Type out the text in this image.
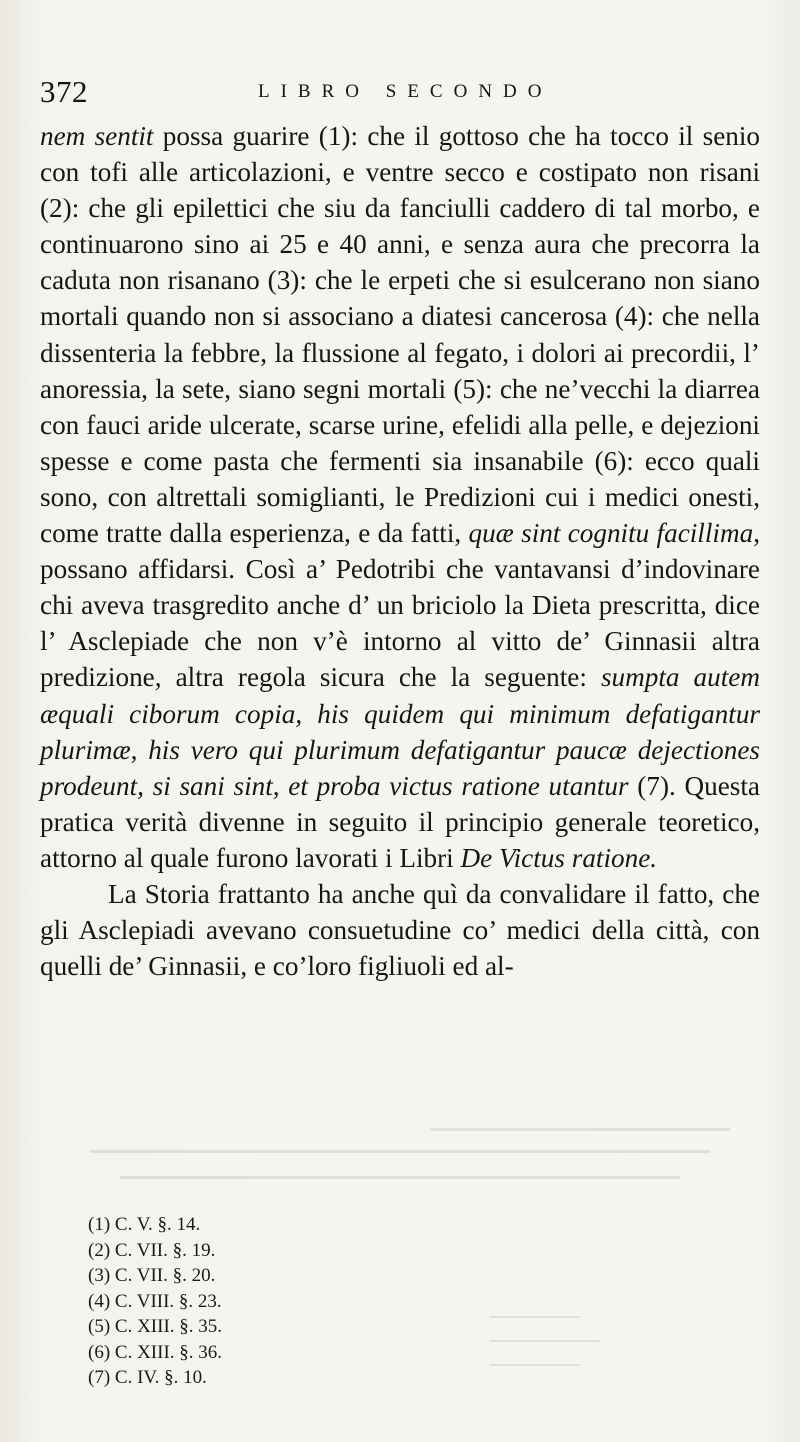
372	LIBRO SECONDO

nem sentit possa guarire (1): che il gottoso che ha tocco il senio con tofi alle articolazioni, e ventre secco e costipato non risani (2): che gli epilettici che siu da fanciulli caddero di tal morbo, e continuarono sino ai 25 e 40 anni, e senza aura che precorra la caduta non risanano (3): che le erpeti che si esulcerano non siano mortali quando non si associano a diatesi cancerosa (4): che nella dissenteria la febbre, la flussione al fegato, i dolori ai precordii, l’ anoressia, la sete, siano segni mortali (5): che ne’vecchi la diarrea con fauci aride ulcerate, scarse urine, efelidi alla pelle, e dejezioni spesse e come pasta che fermenti sia insanabile (6): ecco quali sono, con altrettali somiglianti, le Predizioni cui i medici onesti, come tratte dalla esperienza, e da fatti, quæ sint cognitu facillima, possano affidarsi. Così a’ Pedotribi che vantavansi d’indovinare chi aveva trasgredito anche d’ un briciolo la Dieta prescritta, dice l’ Asclepiade che non v’è intorno al vitto de’ Ginnasii altra predizione, altra regola sicura che la seguente: sumpta autem æquali ciborum copia, his quidem qui minimum defatigantur plurimæ, his vero qui plurimum defatigantur paucæ dejectiones prodeunt, si sani sint, et proba victus ratione utantur (7). Questa pratica verità divenne in seguito il principio generale teoretico, attorno al quale furono lavorati i Libri De Victus ratione.

La Storia frattanto ha anche quì da convalidare il fatto, che gli Asclepiadi avevano consuetudine co’ medici della città, con quelli de’ Ginnasii, e co’loro figliuoli ed al-

(1) C. V. §. 14.
(2) C. VII. §. 19.
(3) C. VII. §. 20.
(4) C. VIII. §. 23.
(5) C. XIII. §. 35.
(6) C. XIII. §. 36.
(7) C. IV. §. 10.
